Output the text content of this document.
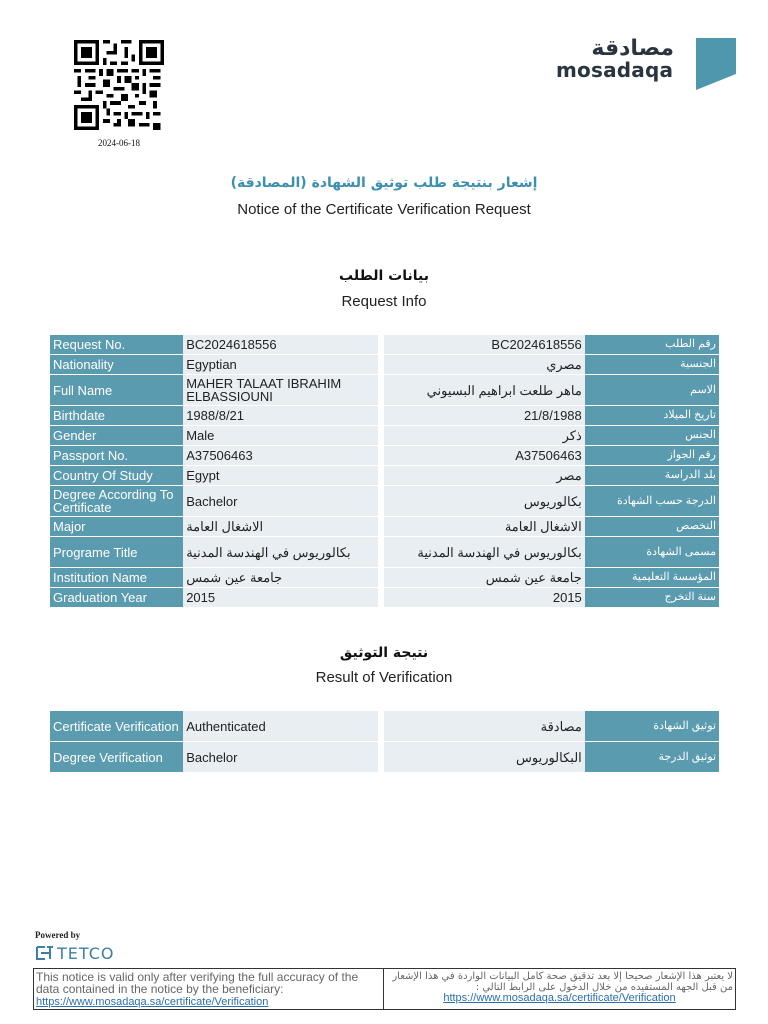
2024-06-18
مصادقة
mosadaqa
إشعار بنتيجة طلب توثيق الشهادة (المصادقة)
Notice of the Certificate Verification Request
بيانات الطلب
Request Info
Request No.	BC2024618556	BC2024618556	رقم الطلب
Nationality	Egyptian	مصري	الجنسية
Full Name	MAHER TALAAT IBRAHIM ELBASSIOUNI	ماهر طلعت ابراهيم البسيوني	الاسم
Birthdate	1988/8/21	21/8/1988	تاريخ الميلاد
Gender	Male	ذكر	الجنس
Passport No.	A37506463	A37506463	رقم الجواز
Country Of Study	Egypt	مصر	بلد الدراسة
Degree According To Certificate	Bachelor	بكالوريوس	الدرجة حسب الشهادة
Major	الاشغال العامة	الاشغال العامة	التخصص
Programe Title	بكالوريوس في الهندسة المدنية	بكالوريوس في الهندسة المدنية	مسمى الشهادة
Institution Name	جامعة عين شمس	جامعة عين شمس	المؤسسة التعليمية
Graduation Year	2015	2015	سنة التخرج
نتيجة التوثيق
Result of Verification
Certificate Verification	Authenticated	مصادقة	توثيق الشهادة
Degree Verification	Bachelor	البكالوريوس	توثيق الدرجة
Powered by
TETCO
This notice is valid only after verifying the full accuracy of the data contained in the notice by the beneficiary:
https://www.mosadaqa.sa/certificate/Verification
لا يعتبر هذا الإشعار صحيحا إلا بعد تدقيق صحة كامل البيانات الواردة في هذا الإشعار من قبل الجهه المستفيده من خلال الدخول على الرابط التالي :
https://www.mosadaqa.sa/certificate/Verification
